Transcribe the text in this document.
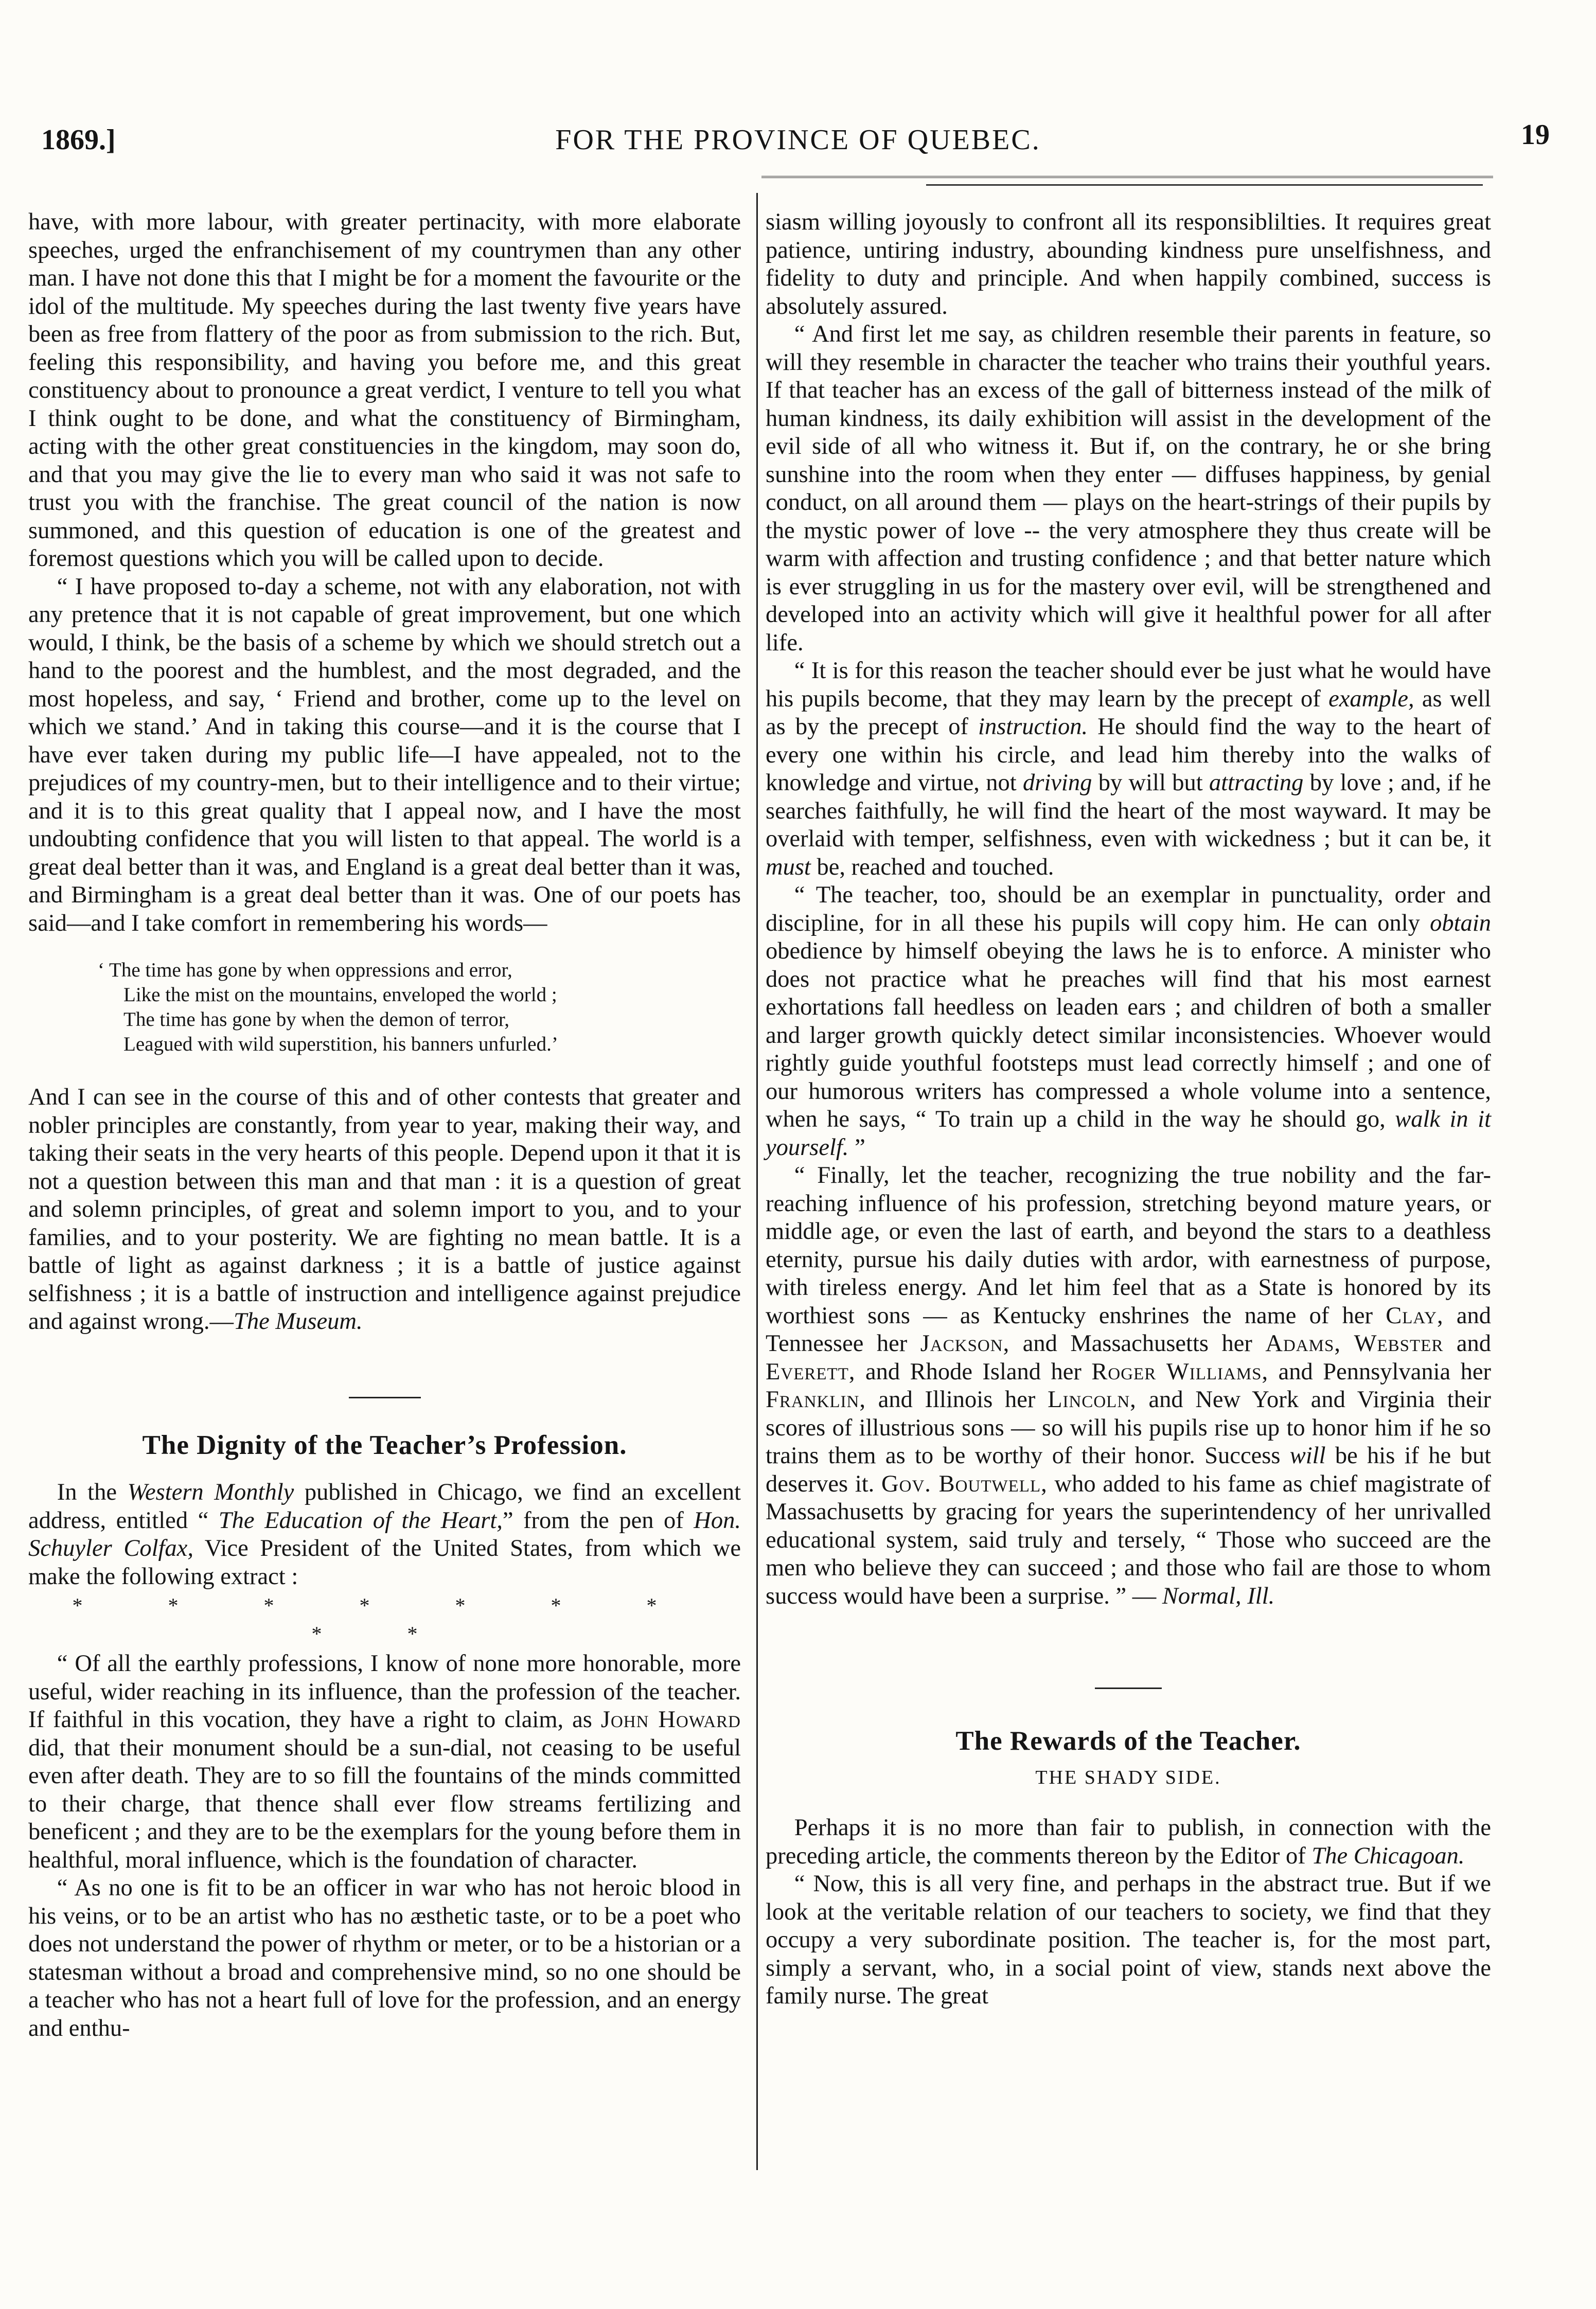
1869.]	FOR THE PROVINCE OF QUEBEC.	19

have, with more labour, with greater pertinacity, with more elaborate speeches, urged the enfranchisement of my countrymen than any other man. I have not done this that I might be for a moment the favourite or the idol of the multitude. My speeches during the last twenty five years have been as free from flattery of the poor as from submission to the rich. But, feeling this responsibility, and having you before me, and this great constituency about to pronounce a great verdict, I venture to tell you what I think ought to be done, and what the constituency of Birmingham, acting with the other great constituencies in the kingdom, may soon do, and that you may give the lie to every man who said it was not safe to trust you with the franchise. The great council of the nation is now summoned, and this question of education is one of the greatest and foremost questions which you will be called upon to decide.

“ I have proposed to-day a scheme, not with any elaboration, not with any pretence that it is not capable of great improvement, but one which would, I think, be the basis of a scheme by which we should stretch out a hand to the poorest and the humblest, and the most degraded, and the most hopeless, and say, ‘ Friend and brother, come up to the level on which we stand.’ And in taking this course—and it is the course that I have ever taken during my public life—I have appealed, not to the prejudices of my country-men, but to their intelligence and to their virtue; and it is to this great quality that I appeal now, and I have the most undoubting confidence that you will listen to that appeal. The world is a great deal better than it was, and England is a great deal better than it was, and Birmingham is a great deal better than it was. One of our poets has said—and I take comfort in remembering his words—

‘ The time has gone by when oppressions and error,
Like the mist on the mountains, enveloped the world ;
The time has gone by when the demon of terror,
Leagued with wild superstition, his banners unfurled.’

And I can see in the course of this and of other contests that greater and nobler principles are constantly, from year to year, making their way, and taking their seats in the very hearts of this people. Depend upon it that it is not a question between this man and that man : it is a question of great and solemn principles, of great and solemn import to you, and to your families, and to your posterity. We are fighting no mean battle. It is a battle of light as against darkness ; it is a battle of justice against selfishness ; it is a battle of instruction and intelligence against prejudice and against wrong.—The Museum.

The Dignity of the Teacher’s Profession.

In the Western Monthly published in Chicago, we find an excellent address, entitled “ The Education of the Heart,” from the pen of Hon. Schuyler Colfax, Vice President of the United States, from which we make the following extract :

* * * * * * * * *

“ Of all the earthly professions, I know of none more honorable, more useful, wider reaching in its influence, than the profession of the teacher. If faithful in this vocation, they have a right to claim, as John Howard did, that their monument should be a sun-dial, not ceasing to be useful even after death. They are to so fill the fountains of the minds committed to their charge, that thence shall ever flow streams fertilizing and beneficent ; and they are to be the exemplars for the young before them in healthful, moral influence, which is the foundation of character.

“ As no one is fit to be an officer in war who has not heroic blood in his veins, or to be an artist who has no æsthetic taste, or to be a poet who does not understand the power of rhythm or meter, or to be a historian or a statesman without a broad and comprehensive mind, so no one should be a teacher who has not a heart full of love for the profession, and an energy and enthu-

siasm willing joyously to confront all its responsiblilties. It requires great patience, untiring industry, abounding kindness pure unselfishness, and fidelity to duty and principle. And when happily combined, success is absolutely assured.

“ And first let me say, as children resemble their parents in feature, so will they resemble in character the teacher who trains their youthful years. If that teacher has an excess of the gall of bitterness instead of the milk of human kindness, its daily exhibition will assist in the development of the evil side of all who witness it. But if, on the contrary, he or she bring sunshine into the room when they enter — diffuses happiness, by genial conduct, on all around them — plays on the heart-strings of their pupils by the mystic power of love -- the very atmosphere they thus create will be warm with affection and trusting confidence ; and that better nature which is ever struggling in us for the mastery over evil, will be strengthened and developed into an activity which will give it healthful power for all after life.

“ It is for this reason the teacher should ever be just what he would have his pupils become, that they may learn by the precept of example, as well as by the precept of instruction. He should find the way to the heart of every one within his circle, and lead him thereby into the walks of knowledge and virtue, not driving by will but attracting by love ; and, if he searches faithfully, he will find the heart of the most wayward. It may be overlaid with temper, selfishness, even with wickedness ; but it can be, it must be, reached and touched.

“ The teacher, too, should be an exemplar in punctuality, order and discipline, for in all these his pupils will copy him. He can only obtain obedience by himself obeying the laws he is to enforce. A minister who does not practice what he preaches will find that his most earnest exhortations fall heedless on leaden ears ; and children of both a smaller and larger growth quickly detect similar inconsistencies. Whoever would rightly guide youthful footsteps must lead correctly himself ; and one of our humorous writers has compressed a whole volume into a sentence, when he says, “ To train up a child in the way he should go, walk in it yourself. ”

“ Finally, let the teacher, recognizing the true nobility and the far-reaching influence of his profession, stretching beyond mature years, or middle age, or even the last of earth, and beyond the stars to a deathless eternity, pursue his daily duties with ardor, with earnestness of purpose, with tireless energy. And let him feel that as a State is honored by its worthiest sons — as Kentucky enshrines the name of her Clay, and Tennessee her Jackson, and Massachusetts her Adams, Webster and Everett, and Rhode Island her Roger Williams, and Pennsylvania her Franklin, and Illinois her Lincoln, and New York and Virginia their scores of illustrious sons — so will his pupils rise up to honor him if he so trains them as to be worthy of their honor. Success will be his if he but deserves it. Gov. Boutwell, who added to his fame as chief magistrate of Massachusetts by gracing for years the superintendency of her unrivalled educational system, said truly and tersely, “ Those who succeed are the men who believe they can succeed ; and those who fail are those to whom success would have been a surprise. ” — Normal, Ill.

The Rewards of the Teacher.
THE SHADY SIDE.

Perhaps it is no more than fair to publish, in connection with the preceding article, the comments thereon by the Editor of The Chicagoan.

“ Now, this is all very fine, and perhaps in the abstract true. But if we look at the veritable relation of our teachers to society, we find that they occupy a very subordinate position. The teacher is, for the most part, simply a servant, who, in a social point of view, stands next above the family nurse. The great
